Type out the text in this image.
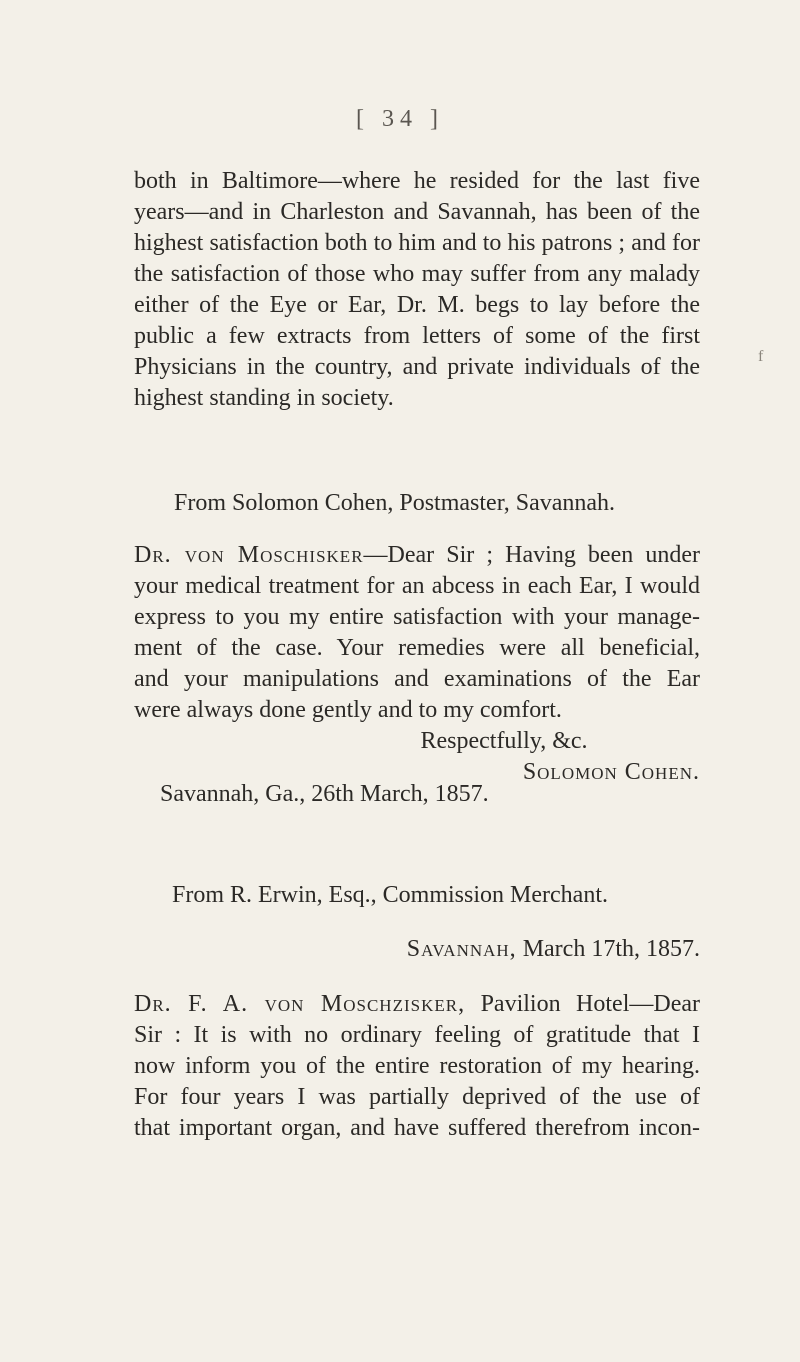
[ 34 ]
both in Baltimore—where he resided for the last five
years—and in Charleston and Savannah, has been of the
highest satisfaction both to him and to his patrons ; and for
the satisfaction of those who may suffer from any malady
either of the Eye or Ear, Dr. M. begs to lay before the
public a few extracts from letters of some of the first
Physicians in the country, and private individuals of the
highest standing in society.
f
From Solomon Cohen, Postmaster, Savannah.
Dr. von Moschisker—Dear Sir ; Having been under
your medical treatment for an abcess in each Ear, I would
express to you my entire satisfaction with your manage-
ment of the case. Your remedies were all beneficial,
and your manipulations and examinations of the Ear
were always done gently and to my comfort.
Respectfully, &c.
Solomon Cohen.
Savannah, Ga., 26th March, 1857.
From R. Erwin, Esq., Commission Merchant.
Savannah, March 17th, 1857.
Dr. F. A. von Moschzisker, Pavilion Hotel—Dear
Sir : It is with no ordinary feeling of gratitude that I
now inform you of the entire restoration of my hearing.
For four years I was partially deprived of the use of
that important organ, and have suffered therefrom incon-
